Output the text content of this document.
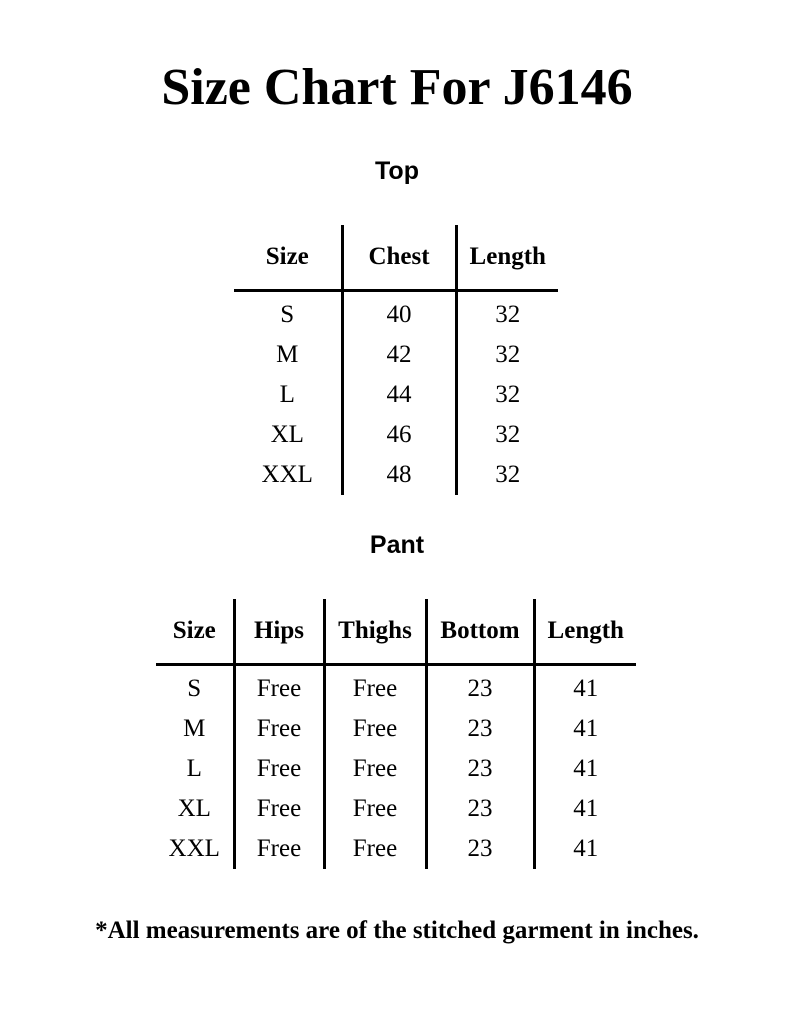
Size Chart For J6146
Top
Size	Chest	Length
S	40	32
M	42	32
L	44	32
XL	46	32
XXL	48	32
Pant
Size	Hips	Thighs	Bottom	Length
S	Free	Free	23	41
M	Free	Free	23	41
L	Free	Free	23	41
XL	Free	Free	23	41
XXL	Free	Free	23	41
*All measurements are of the stitched garment in inches.
